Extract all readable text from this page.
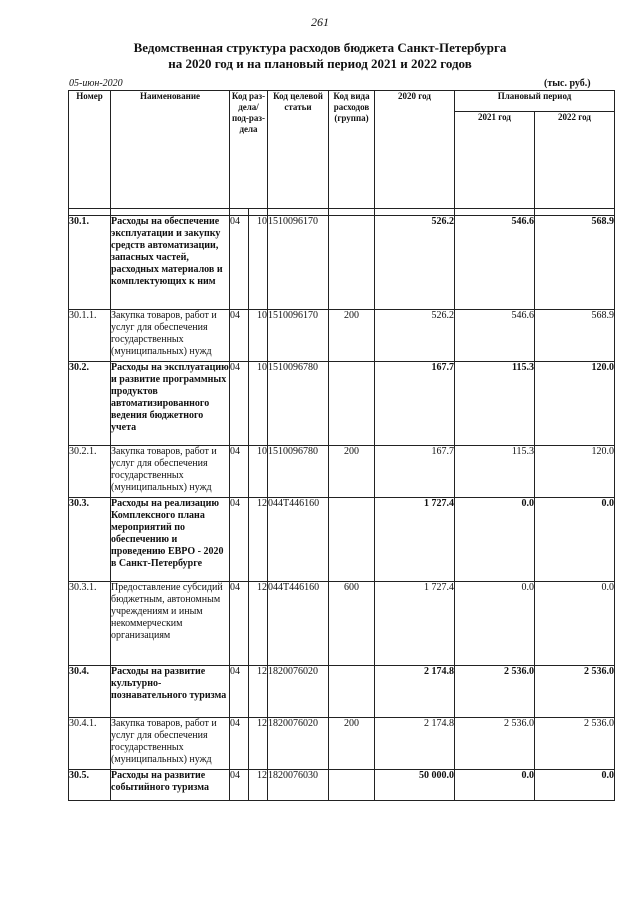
261
Ведомственная структура расходов бюджета Санкт-Петербурга
на 2020 год и на плановый период 2021 и 2022 годов
05-июн-2020	(тыс. руб.)
Номер	Наименование	Код раз-дела/ под-раз-дела		Код целевой статьи	Код вида расходов (группа)	2020 год	Плановый период	
							2021 год	2022 год

30.1.	Расходы на обеспечение эксплуатации и закупку средств автоматизации, запасных частей, расходных материалов и комплектующих к ним	04	10	1510096170		526.2	546.6	568.9
30.1.1.	Закупка товаров, работ и услуг для обеспечения государственных (муниципальных) нужд	04	10	1510096170	200	526.2	546.6	568.9
30.2.	Расходы на эксплуатацию и развитие программных продуктов автоматизированного ведения бюджетного учета	04	10	1510096780		167.7	115.3	120.0
30.2.1.	Закупка товаров, работ и услуг для обеспечения государственных (муниципальных) нужд	04	10	1510096780	200	167.7	115.3	120.0
30.3.	Расходы на реализацию Комплексного плана мероприятий по обеспечению и проведению ЕВРО - 2020 в Санкт-Петербурге	04	12	044Т446160		1 727.4	0.0	0.0
30.3.1.	Предоставление субсидий бюджетным, автономным учреждениям и иным некоммерческим организациям	04	12	044Т446160	600	1 727.4	0.0	0.0
30.4.	Расходы на развитие культурно-познавательного туризма	04	12	1820076020		2 174.8	2 536.0	2 536.0
30.4.1.	Закупка товаров, работ и услуг для обеспечения государственных (муниципальных) нужд	04	12	1820076020	200	2 174.8	2 536.0	2 536.0
30.5.	Расходы на развитие событийного туризма	04	12	1820076030		50 000.0	0.0	0.0
